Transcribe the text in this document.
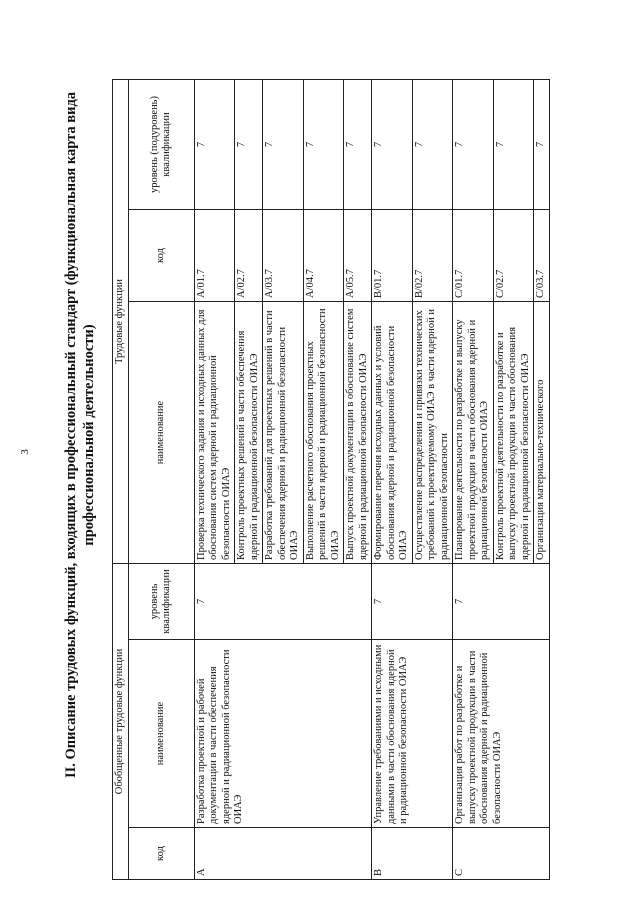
3 II. Описание трудовых функций, входящих в профессиональный стандарт (функциональная карта вида профессиональной деятельности)
Обобщенные трудовые функции			Трудовые функции		
код	наименование	уровень квалификации	наименование	код	уровень (подуровень) квалификации
A	Разработка проектной и рабочей документации в части обеспечения ядерной и радиационной безопасности ОИАЭ	7	Проверка технического задания и исходных данных для обоснования систем ядерной и радиационной безопасности ОИАЭ	A/01.7	7
			Контроль проектных решений в части обеспечения ядерной и радиационной безопасности ОИАЭ	A/02.7	7
			Разработка требований для проектных решений в части обеспечения ядерной и радиационной безопасности ОИАЭ	A/03.7	7
			Выполнение расчетного обоснования проектных решений в части ядерной и радиационной безопасности ОИАЭ	A/04.7	7
			Выпуск проектной документации в обоснование систем ядерной и радиационной безопасности ОИАЭ	A/05.7	7
B	Управление требованиями и исходными данными в части обоснования ядерной и радиационной безопасности ОИАЭ	7	Формирование перечня исходных данных и условий обоснования ядерной и радиационной безопасности ОИАЭ	B/01.7	7
			Осуществление распределения и привязки технических требований к проектируемому ОИАЭ в части ядерной и радиационной безопасности	B/02.7	7
C	Организация работ по разработке и выпуску проектной продукции в части обоснования ядерной и радиационной безопасности ОИАЭ	7	Планирование деятельности по разработке и выпуску проектной продукции в части обоснования ядерной и радиационной безопасности ОИАЭ	C/01.7	7
			Контроль проектной деятельности по разработке и выпуску проектной продукции в части обоснования ядерной и радиационной безопасности ОИАЭ	C/02.7	7
			Организация материально-технического	C/03.7	7
